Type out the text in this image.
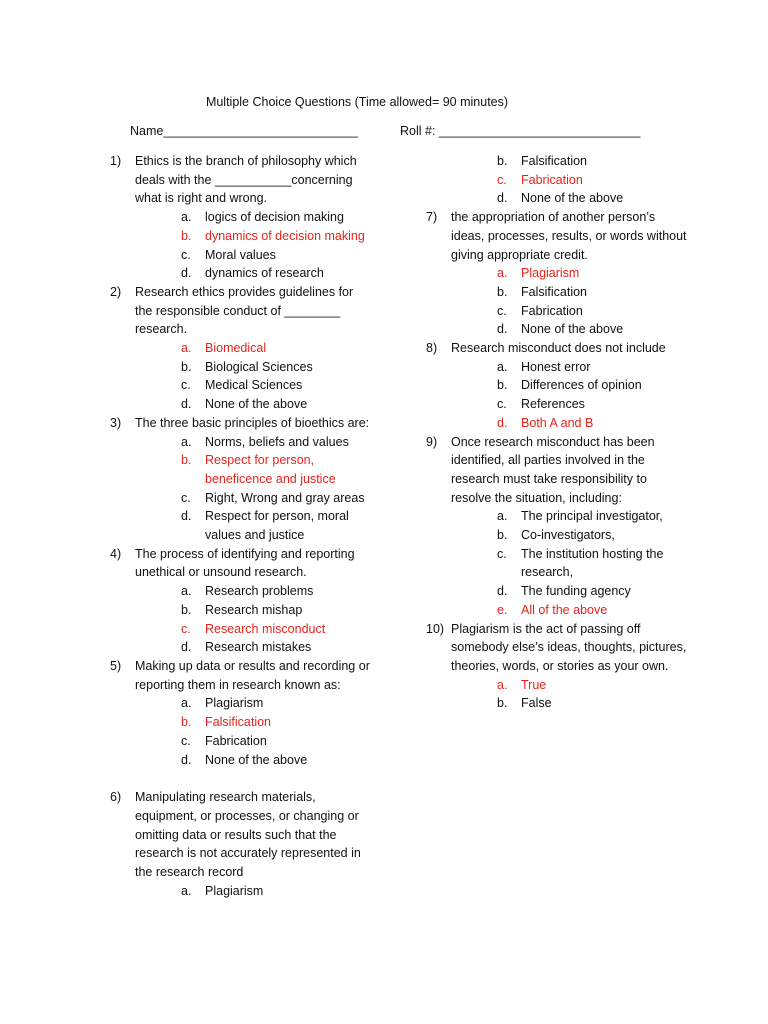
Multiple Choice Questions (Time allowed= 90 minutes)
Name____________________________	Roll #: _____________________________
1) Ethics is the branch of philosophy which deals with the ___________concerning what is right and wrong.
a. logics of decision making
b. dynamics of decision making
c. Moral values
d. dynamics of research
2) Research ethics provides guidelines for the responsible conduct of ________ research.
a. Biomedical
b. Biological Sciences
c. Medical Sciences
d. None of the above
3) The three basic principles of bioethics are:
a. Norms, beliefs and values
b. Respect for person, beneficence and justice
c. Right, Wrong and gray areas
d. Respect for person, moral values and justice
4) The process of identifying and reporting unethical or unsound research.
a. Research problems
b. Research mishap
c. Research misconduct
d. Research mistakes
5) Making up data or results and recording or reporting them in research known as:
a. Plagiarism
b. Falsification
c. Fabrication
d. None of the above
6) Manipulating research materials, equipment, or processes, or changing or omitting data or results such that the research is not accurately represented in the research record
a. Plagiarism
b. Falsification
c. Fabrication
d. None of the above
7) the appropriation of another person’s ideas, processes, results, or words without giving appropriate credit.
a. Plagiarism
b. Falsification
c. Fabrication
d. None of the above
8) Research misconduct does not include
a. Honest error
b. Differences of opinion
c. References
d. Both A and B
9) Once research misconduct has been identified, all parties involved in the research must take responsibility to resolve the situation, including:
a. The principal investigator,
b. Co-investigators,
c. The institution hosting the research,
d. The funding agency
e. All of the above
10) Plagiarism is the act of passing off somebody else’s ideas, thoughts, pictures, theories, words, or stories as your own.
a. True
b. False
